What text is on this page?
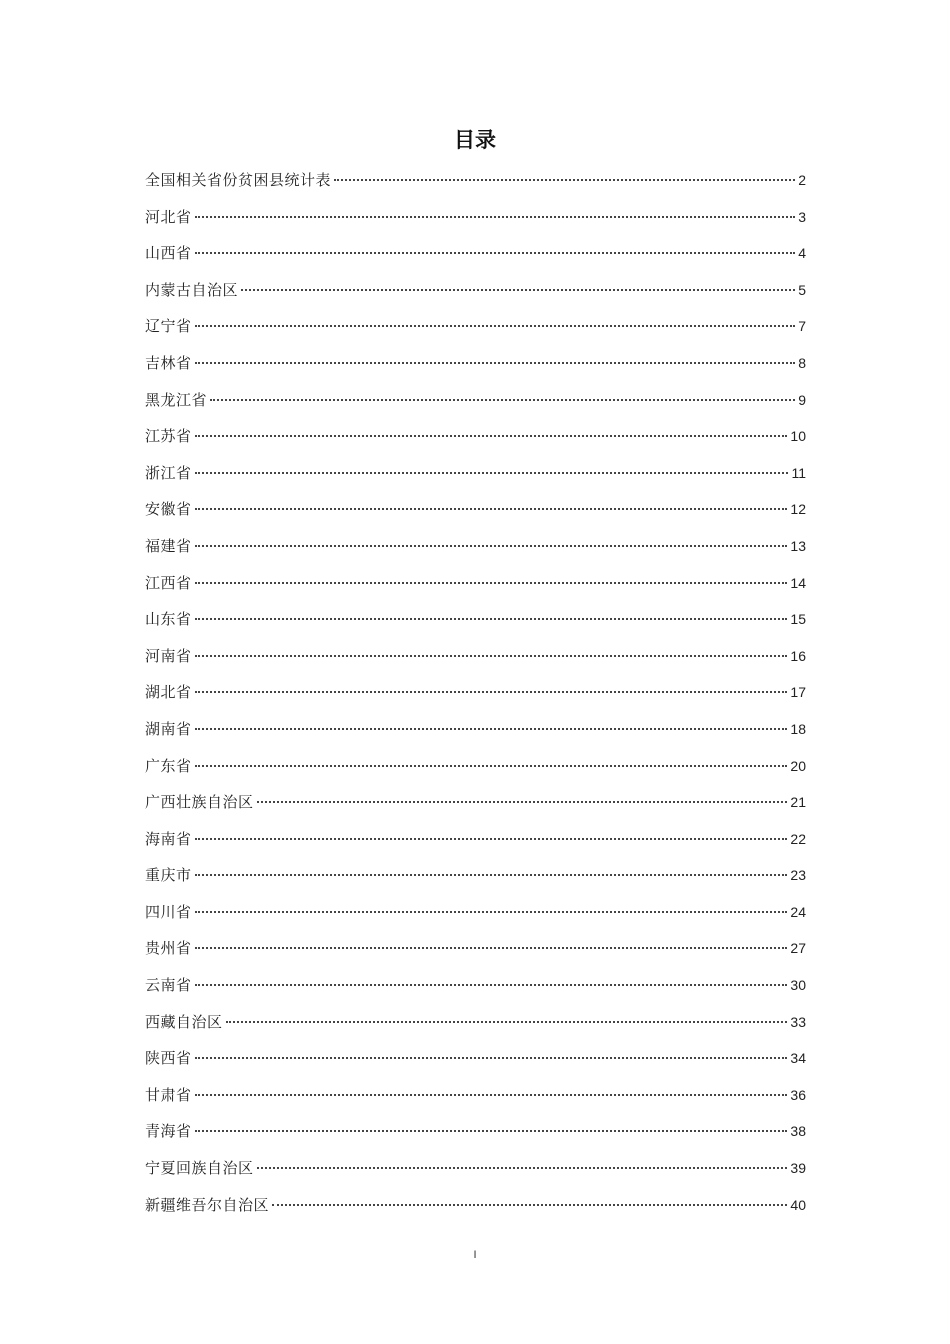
目录
全国相关省份贫困县统计表	2
河北省	3
山西省	4
内蒙古自治区	5
辽宁省	7
吉林省	8
黑龙江省	9
江苏省	10
浙江省	11
安徽省	12
福建省	13
江西省	14
山东省	15
河南省	16
湖北省	17
湖南省	18
广东省	20
广西壮族自治区	21
海南省	22
重庆市	23
四川省	24
贵州省	27
云南省	30
西藏自治区	33
陕西省	34
甘肃省	36
青海省	38
宁夏回族自治区	39
新疆维吾尔自治区	40
I
